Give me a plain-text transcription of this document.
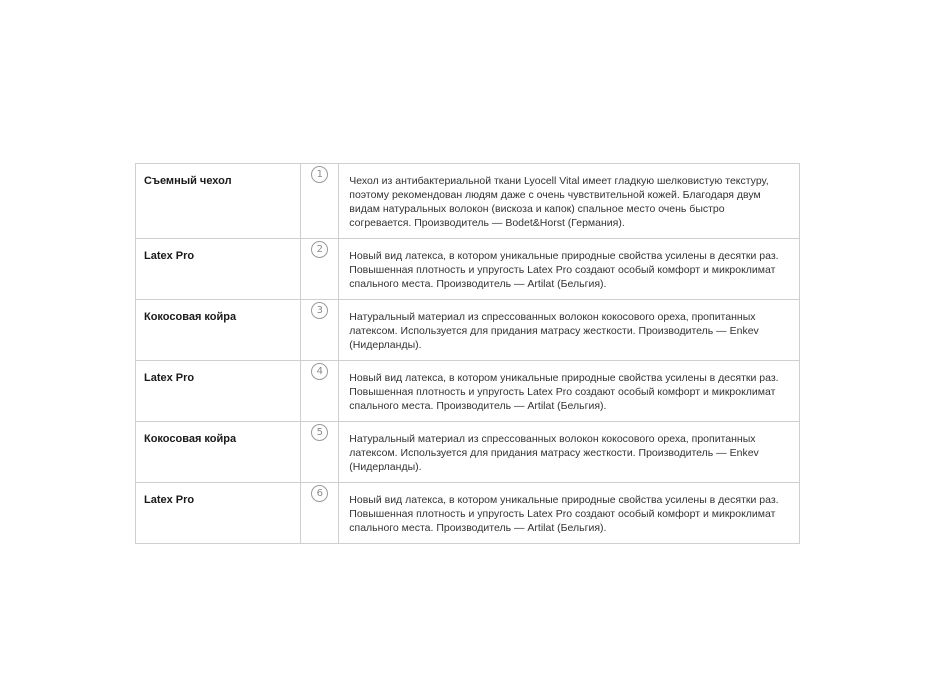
Съемный чехол	1	Чехол из антибактериальной ткани Lyocell Vital имеет гладкую шелковистую текстуру, поэтому рекомендован людям даже с очень чувствительной кожей. Благодаря двум видам натуральных волокон (вискоза и капок) спальное место очень быстро согревается. Производитель — Bodet&Horst (Германия).

Latex Pro	2	Новый вид латекса, в котором уникальные природные свойства усилены в десятки раз. Повышенная плотность и упругость Latex Pro создают особый комфорт и микроклимат спального места. Производитель — Artilat (Бельгия).

Кокосовая койра	3	Натуральный материал из спрессованных волокон кокосового ореха, пропитанных латексом. Используется для придания матрасу жесткости. Производитель — Enkev (Нидерланды).

Latex Pro	4	Новый вид латекса, в котором уникальные природные свойства усилены в десятки раз. Повышенная плотность и упругость Latex Pro создают особый комфорт и микроклимат спального места. Производитель — Artilat (Бельгия).

Кокосовая койра	5	Натуральный материал из спрессованных волокон кокосового ореха, пропитанных латексом. Используется для придания матрасу жесткости. Производитель — Enkev (Нидерланды).

Latex Pro	6	Новый вид латекса, в котором уникальные природные свойства усилены в десятки раз. Повышенная плотность и упругость Latex Pro создают особый комфорт и микроклимат спального места. Производитель — Artilat (Бельгия).
